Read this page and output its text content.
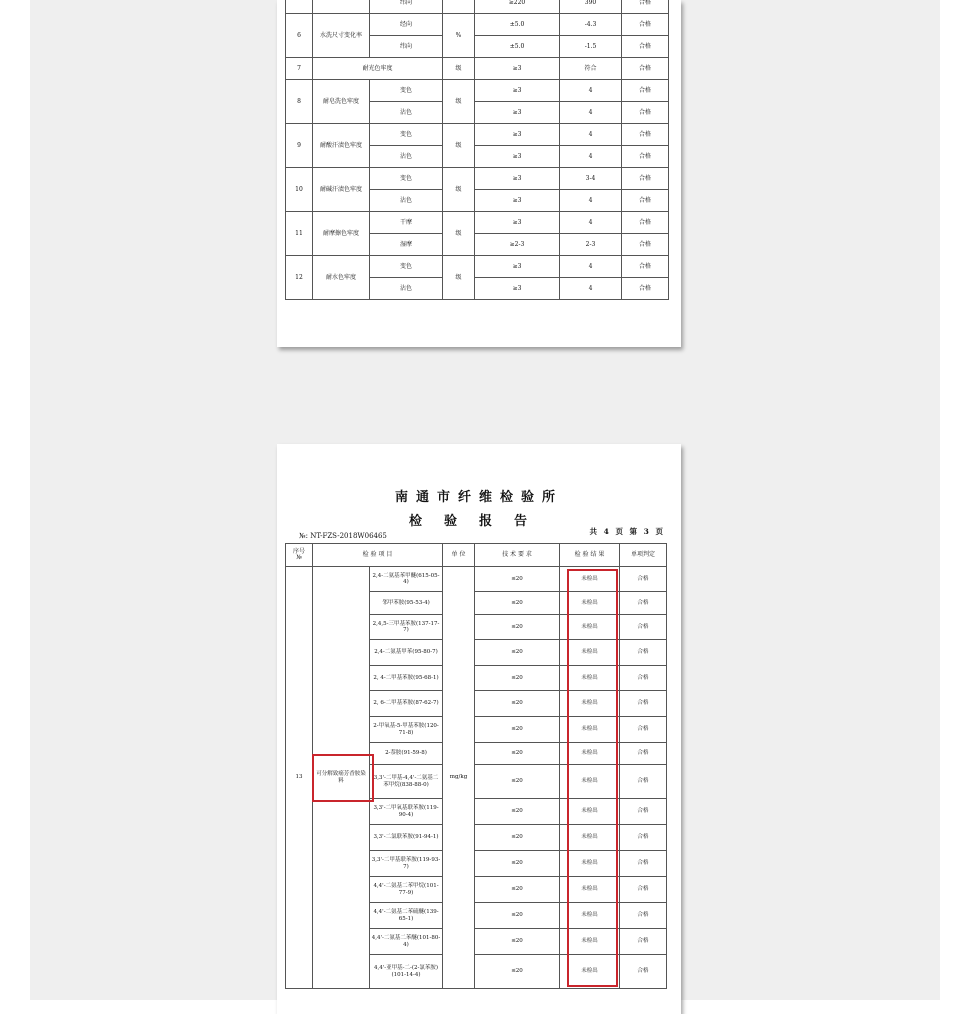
		纬向		≥220	390	合格
6	水洗尺寸变化率	经向	%	±5.0	-4.3	合格
		纬向		±5.0	-1.5	合格
7	耐光色牢度		级	≥3	符合	合格
8	耐皂洗色牢度	变色	级	≥3	4	合格
		沾色		≥3	4	合格
9	耐酸汗渍色牢度	变色	级	≥3	4	合格
		沾色		≥3	4	合格
10	耐碱汗渍色牢度	变色	级	≥3	3-4	合格
		沾色		≥3	4	合格
11	耐摩擦色牢度	干摩	级	≥3	4	合格
		湿摩		≥2-3	2-3	合格
12	耐水色牢度	变色	级	≥3	4	合格
		沾色		≥3	4	合格
南通市纤维检验所
检验报告
共 4 页 第 3 页
№: NT-FZS-2018W06465
序号
№	检 验 项 目		单 位	技 术 要 求	检 验 结 果	单项判定
13	可分解致癌芳香胺染料	2,4-二氨基苯甲醚(615-05-4)	mg/kg	≤20	未检出	合格
		邻甲苯胺(95-53-4)		≤20	未检出	合格
		2,4,5-三甲基苯胺(137-17-7)		≤20	未检出	合格
		2,4-二氨基甲苯(95-80-7)		≤20	未检出	合格
		2, 4-二甲基苯胺(95-68-1)		≤20	未检出	合格
		2, 6-二甲基苯胺(87-62-7)		≤20	未检出	合格
		2-甲氧基-5-甲基苯胺(120-71-8)		≤20	未检出	合格
		2-萘胺(91-59-8)		≤20	未检出	合格
		3,3'-二甲基-4,4'-二氨基二苯甲烷(838-88-0)		≤20	未检出	合格
		3,3'-二甲氧基联苯胺(119-90-4)		≤20	未检出	合格
		3,3'-二氯联苯胺(91-94-1)		≤20	未检出	合格
		3,3'-二甲基联苯胺(119-93-7)		≤20	未检出	合格
		4,4'-二氨基二苯甲烷(101-77-9)		≤20	未检出	合格
		4,4'-二氨基二苯硫醚(139-65-1)		≤20	未检出	合格
		4,4'-二氨基二苯醚(101-80-4)		≤20	未检出	合格
		4,4'-亚甲基-二-(2-氯苯胺)(101-14-4)		≤20	未检出	合格
